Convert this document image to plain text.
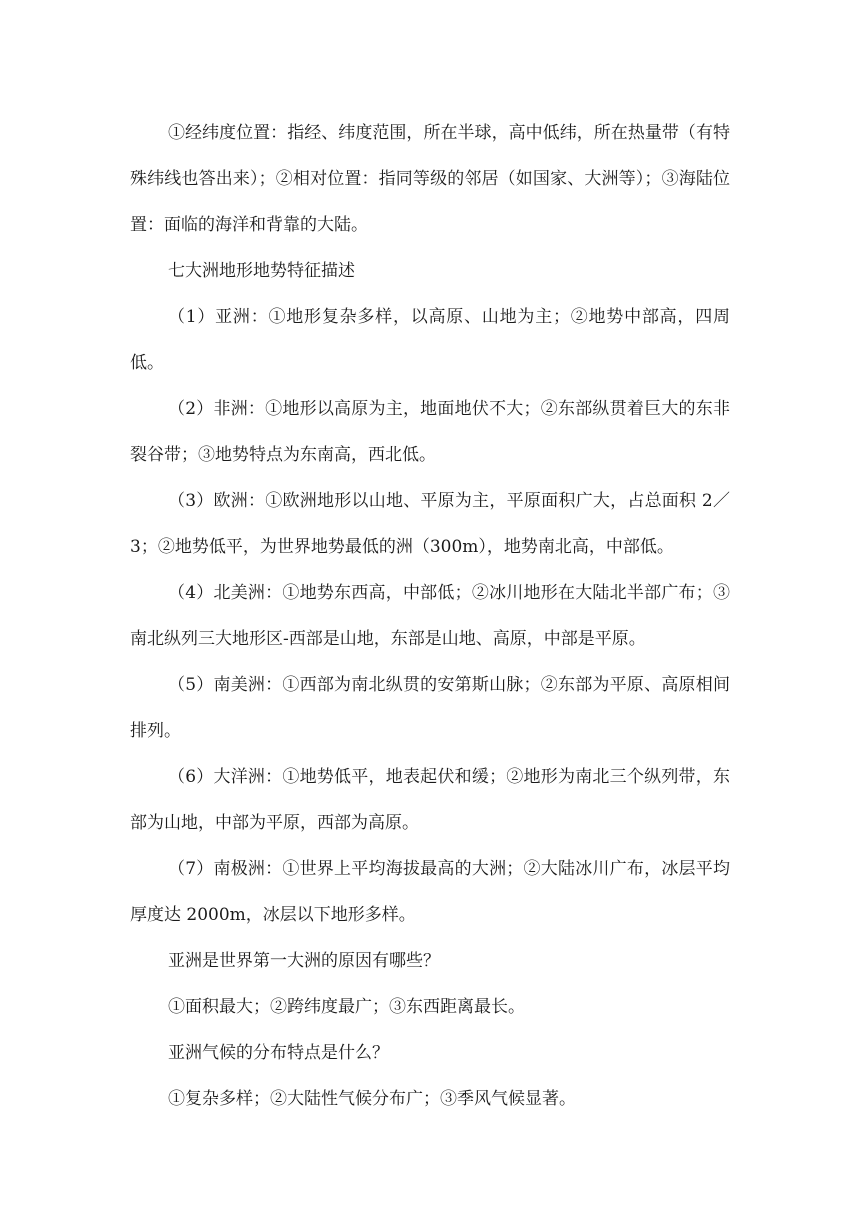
①经纬度位置：指经、纬度范围，所在半球，高中低纬，所在热量带（有特殊纬线也答出来）；②相对位置：指同等级的邻居（如国家、大洲等）；③海陆位置：面临的海洋和背靠的大陆。

七大洲地形地势特征描述

（1）亚洲：①地形复杂多样，以高原、山地为主；②地势中部高，四周低。

（2）非洲：①地形以高原为主，地面地伏不大；②东部纵贯着巨大的东非裂谷带；③地势特点为东南高，西北低。

（3）欧洲：①欧洲地形以山地、平原为主，平原面积广大，占总面积 2／3；②地势低平，为世界地势最低的洲（300m），地势南北高，中部低。

（4）北美洲：①地势东西高，中部低；②冰川地形在大陆北半部广布；③南北纵列三大地形区-西部是山地，东部是山地、高原，中部是平原。

（5）南美洲：①西部为南北纵贯的安第斯山脉；②东部为平原、高原相间排列。

（6）大洋洲：①地势低平，地表起伏和缓；②地形为南北三个纵列带，东部为山地，中部为平原，西部为高原。

（7）南极洲：①世界上平均海拔最高的大洲；②大陆冰川广布，冰层平均厚度达 2000m，冰层以下地形多样。

亚洲是世界第一大洲的原因有哪些？

①面积最大；②跨纬度最广；③东西距离最长。

亚洲气候的分布特点是什么？

①复杂多样；②大陆性气候分布广；③季风气候显著。
